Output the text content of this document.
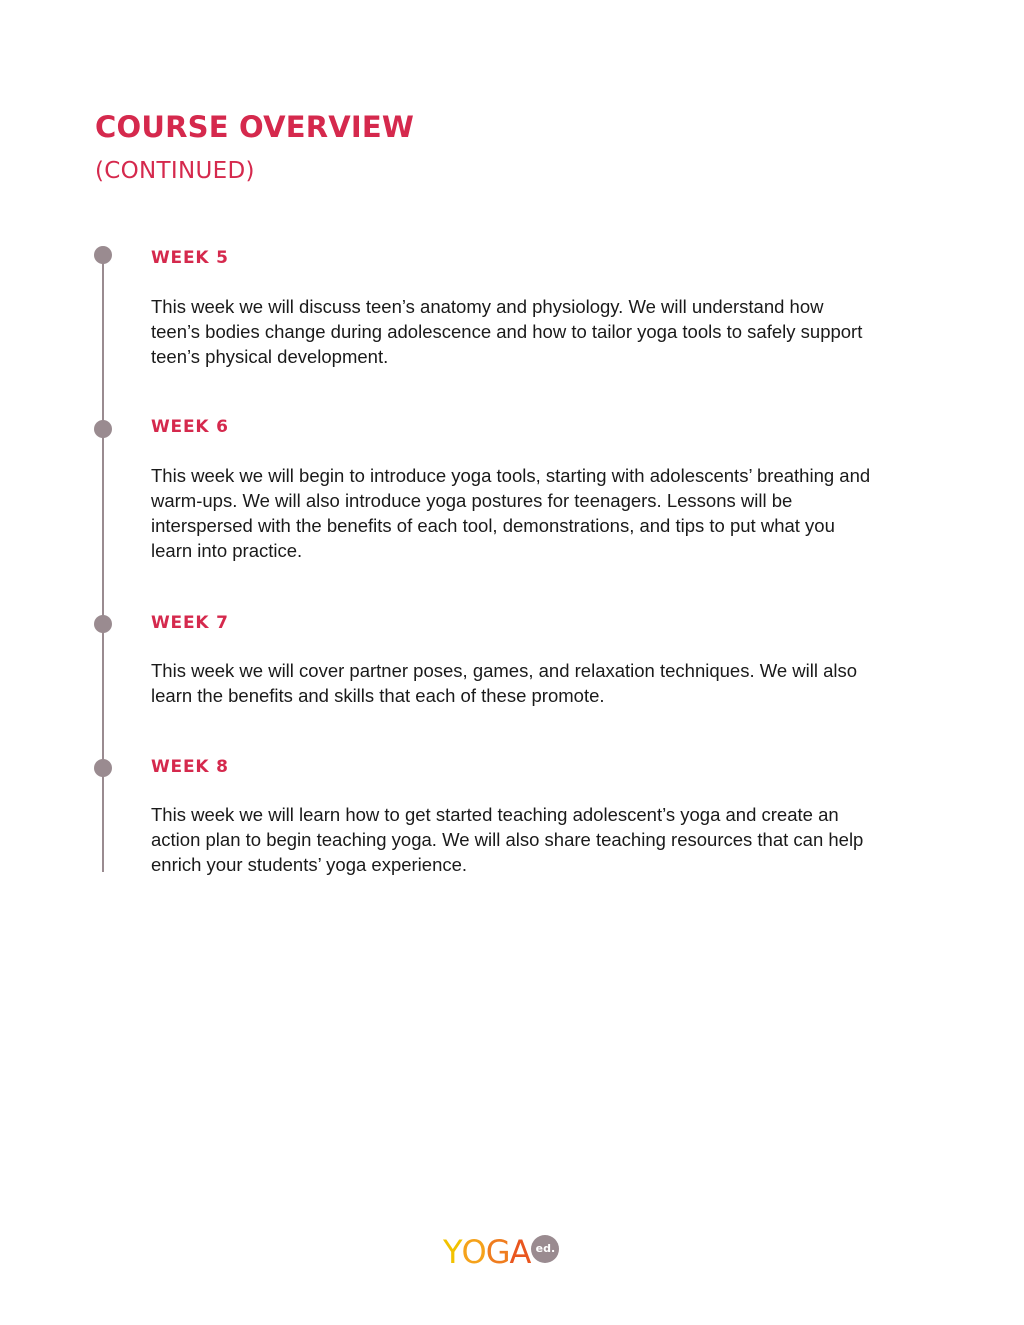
COURSE OVERVIEW
(CONTINUED)
WEEK 5

This week we will discuss teen’s anatomy and physiology. We will understand how teen’s bodies change during adolescence and how to tailor yoga tools to safely support teen’s physical development.

WEEK 6

This week we will begin to introduce yoga tools, starting with adolescents’ breathing and warm-ups. We will also introduce yoga postures for teenagers. Lessons will be interspersed with the benefits of each tool, demonstrations, and tips to put what you learn into practice.

WEEK 7

This week we will cover partner poses, games, and relaxation techniques. We will also learn the benefits and skills that each of these promote.

WEEK 8

This week we will learn how to get started teaching adolescent’s yoga and create an action plan to begin teaching yoga. We will also share teaching resources that can help enrich your students’ yoga experience.

YOGA ed.
